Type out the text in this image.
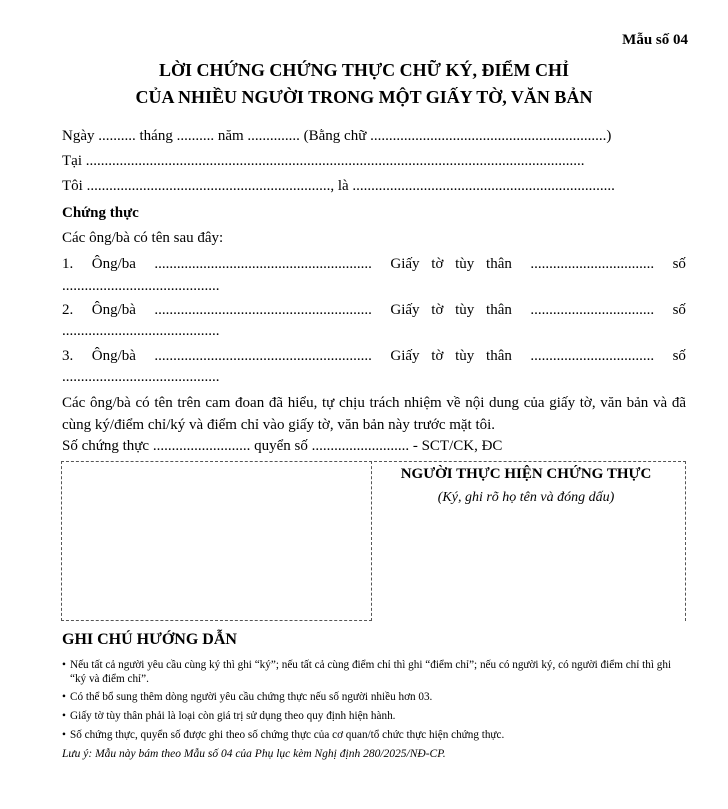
Mẫu số 04
LỜI CHỨNG CHỨNG THỰC CHỮ KÝ, ĐIỂM CHỈ
CỦA NHIỀU NGƯỜI TRONG MỘT GIẤY TỜ, VĂN BẢN
Ngày .......... tháng .......... năm .............. (Bằng chữ ...............................................................)
Tại .....................................................................................................................................
Tôi ................................................................., là ......................................................................
Chứng thực
Các ông/bà có tên sau đây:
1. Ông/ba .......................................................... Giấy tờ tùy thân ................................. số
..........................................
2. Ông/bà .......................................................... Giấy tờ tùy thân ................................. số
..........................................
3. Ông/bà .......................................................... Giấy tờ tùy thân ................................. số
..........................................
Các ông/bà có tên trên cam đoan đã hiểu, tự chịu trách nhiệm về nội dung của giấy tờ, văn bản và đã cùng ký/điểm chỉ/ký và điểm chỉ vào giấy tờ, văn bản này trước mặt tôi.
Số chứng thực .......................... quyển số .......................... - SCT/CK, ĐC
NGƯỜI THỰC HIỆN CHỨNG THỰC
(Ký, ghi rõ họ tên và đóng dấu)
GHI CHÚ HƯỚNG DẪN
• Nếu tất cả người yêu cầu cùng ký thì ghi “ký”; nếu tất cả cùng điểm chỉ thì ghi “điểm chỉ”; nếu có người ký, có người điểm chỉ thì ghi “ký và điểm chỉ”.
• Có thể bổ sung thêm dòng người yêu cầu chứng thực nếu số người nhiều hơn 03.
• Giấy tờ tùy thân phải là loại còn giá trị sử dụng theo quy định hiện hành.
• Số chứng thực, quyển số được ghi theo số chứng thực của cơ quan/tổ chức thực hiện chứng thực.
Lưu ý: Mẫu này bám theo Mẫu số 04 của Phụ lục kèm Nghị định 280/2025/NĐ-CP.
